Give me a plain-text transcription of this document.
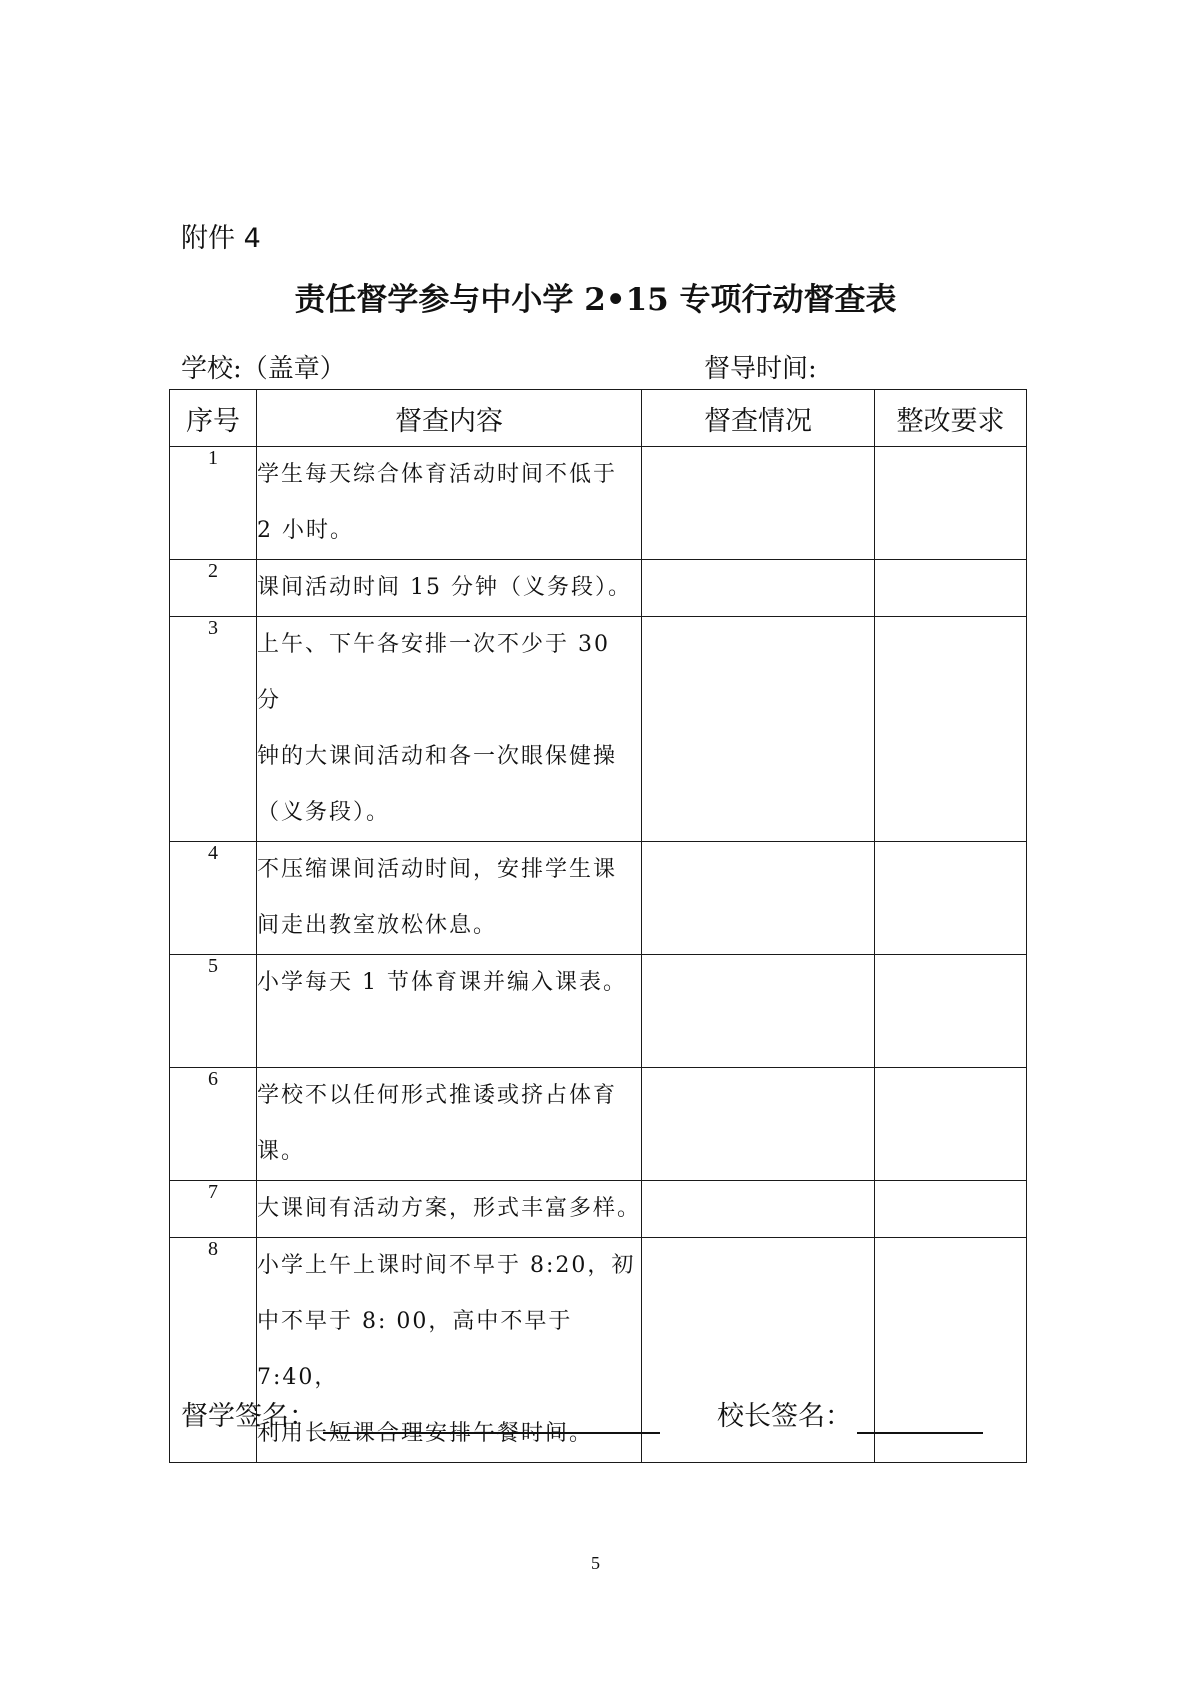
附件 4
责任督学参与中小学 2•15 专项行动督查表
学校:（盖章）	督导时间:
序号	督查内容	督查情况	整改要求
1	学生每天综合体育活动时间不低于
2 小时。		

2	课间活动时间 15 分钟（义务段）。		

3	上午、下午各安排一次不少于 30 分
钟的大课间活动和各一次眼保健操
（义务段）。		

4	不压缩课间活动时间，安排学生课
间走出教室放松休息。		

5	小学每天 1 节体育课并编入课表。		

6	学校不以任何形式推诿或挤占体育
课。		

7	大课间有活动方案，形式丰富多样。		

8	小学上午上课时间不早于 8:20，初
中不早于 8: 00，高中不早于 7:40，
利用长短课合理安排午餐时间。		

督学签名：	校长签名：
5
